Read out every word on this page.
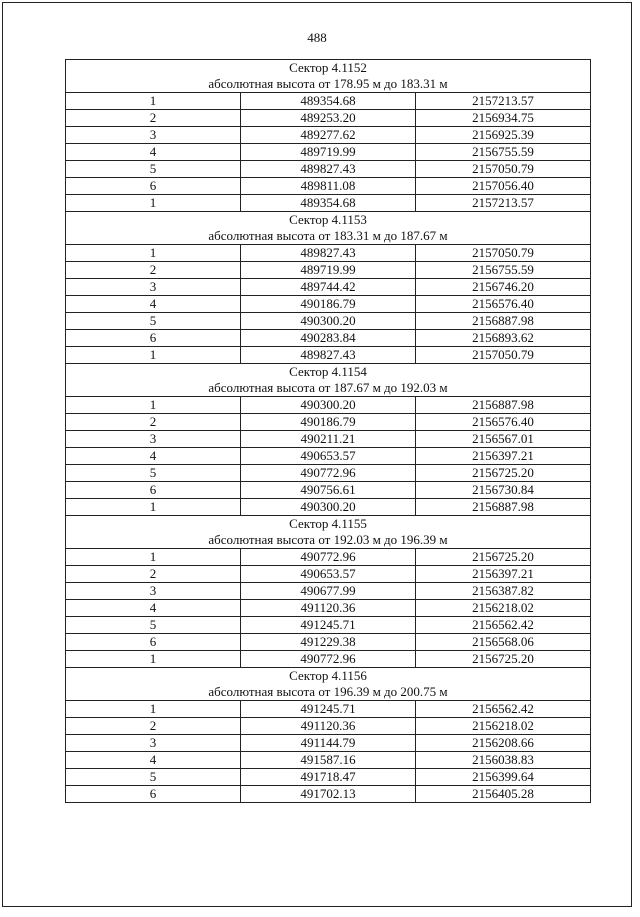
488
Сектор 4.1152
абсолютная высота от 178.95 м до 183.31 м		

1	489354.68	2157213.57
2	489253.20	2156934.75
3	489277.62	2156925.39
4	489719.99	2156755.59
5	489827.43	2157050.79
6	489811.08	2157056.40
1	489354.68	2157213.57

Сектор 4.1153
абсолютная высота от 183.31 м до 187.67 м		

1	489827.43	2157050.79
2	489719.99	2156755.59
3	489744.42	2156746.20
4	490186.79	2156576.40
5	490300.20	2156887.98
6	490283.84	2156893.62
1	489827.43	2157050.79

Сектор 4.1154
абсолютная высота от 187.67 м до 192.03 м		

1	490300.20	2156887.98
2	490186.79	2156576.40
3	490211.21	2156567.01
4	490653.57	2156397.21
5	490772.96	2156725.20
6	490756.61	2156730.84
1	490300.20	2156887.98

Сектор 4.1155
абсолютная высота от 192.03 м до 196.39 м		

1	490772.96	2156725.20
2	490653.57	2156397.21
3	490677.99	2156387.82
4	491120.36	2156218.02
5	491245.71	2156562.42
6	491229.38	2156568.06
1	490772.96	2156725.20

Сектор 4.1156
абсолютная высота от 196.39 м до 200.75 м		

1	491245.71	2156562.42
2	491120.36	2156218.02
3	491144.79	2156208.66
4	491587.16	2156038.83
5	491718.47	2156399.64
6	491702.13	2156405.28
